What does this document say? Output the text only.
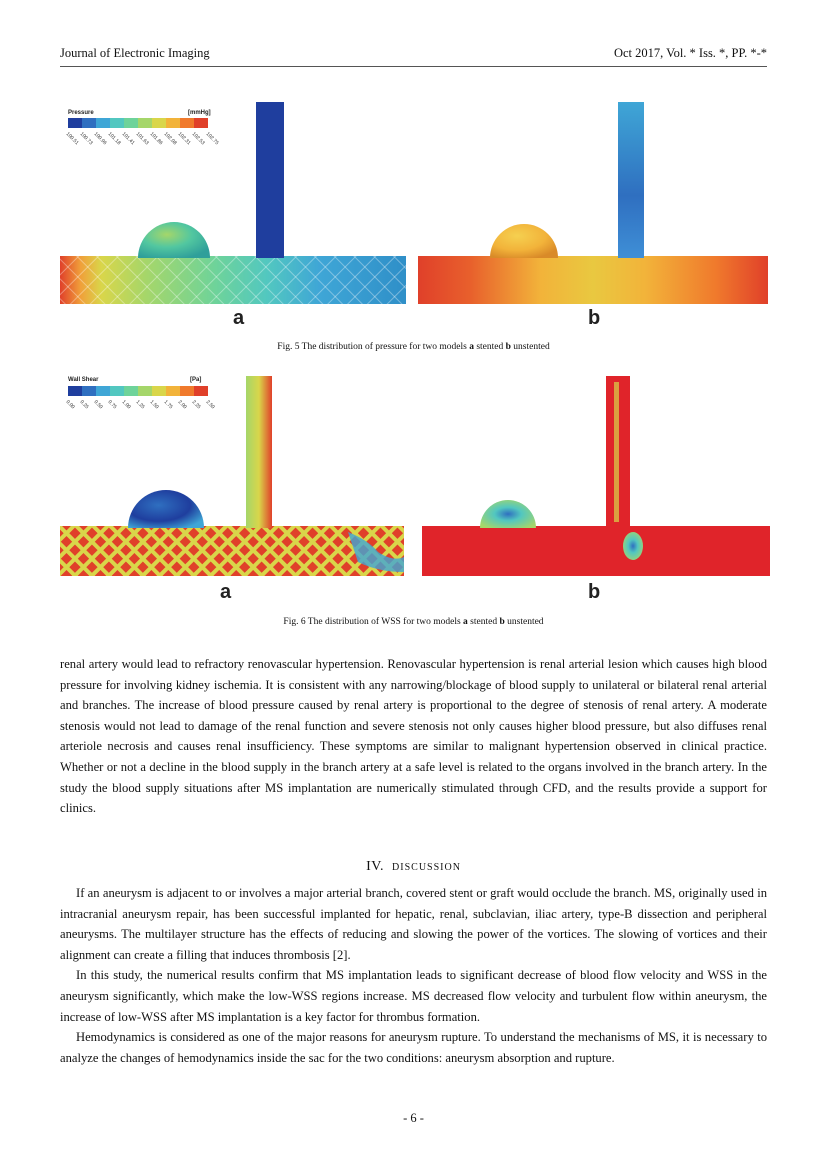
Journal of Electronic Imaging	Oct 2017, Vol. * Iss. *, PP. *-*
Pressure	[mmHg]
100.51
100.73
100.96
101.18
101.41
101.63
101.86
102.08
102.31
102.53
102.75
a	b
Fig. 5 The distribution of pressure for two models a stented b unstented
Wall Shear	[Pa]
0.00 0.25 0.50 0.75 1.00 1.25 1.50 1.75 2.00 2.25 2.50
a	b
Fig. 6 The distribution of WSS for two models a stented b unstented

renal artery would lead to refractory renovascular hypertension. Renovascular hypertension is renal arterial lesion which causes high blood pressure for involving kidney ischemia. It is consistent with any narrowing/blockage of blood supply to unilateral or bilateral renal arterial and branches. The increase of blood pressure caused by renal artery is proportional to the degree of stenosis of renal artery. A moderate stenosis would not lead to damage of the renal function and severe stenosis not only causes higher blood pressure, but also diffuses renal arteriole necrosis and causes renal insufficiency. These symptoms are similar to malignant hypertension observed in clinical practice. Whether or not a decline in the blood supply in the branch artery at a safe level is related to the organs involved in the branch artery. In the study the blood supply situations after MS implantation are numerically stimulated through CFD, and the results provide a support for clinics.

IV. DISCUSSION

If an aneurysm is adjacent to or involves a major arterial branch, covered stent or graft would occlude the branch. MS, originally used in intracranial aneurysm repair, has been successful implanted for hepatic, renal, subclavian, iliac artery, type-B dissection and peripheral aneurysms. The multilayer structure has the effects of reducing and slowing the power of the vortices. The slowing of vortices and their alignment can create a filling that induces thrombosis [2].

In this study, the numerical results confirm that MS implantation leads to significant decrease of blood flow velocity and WSS in the aneurysm significantly, which make the low-WSS regions increase. MS decreased flow velocity and turbulent flow within aneurysm, the increase of low-WSS after MS implantation is a key factor for thrombus formation.

Hemodynamics is considered as one of the major reasons for aneurysm rupture. To understand the mechanisms of MS, it is necessary to analyze the changes of hemodynamics inside the sac for the two conditions: aneurysm absorption and rupture.

- 6 -
